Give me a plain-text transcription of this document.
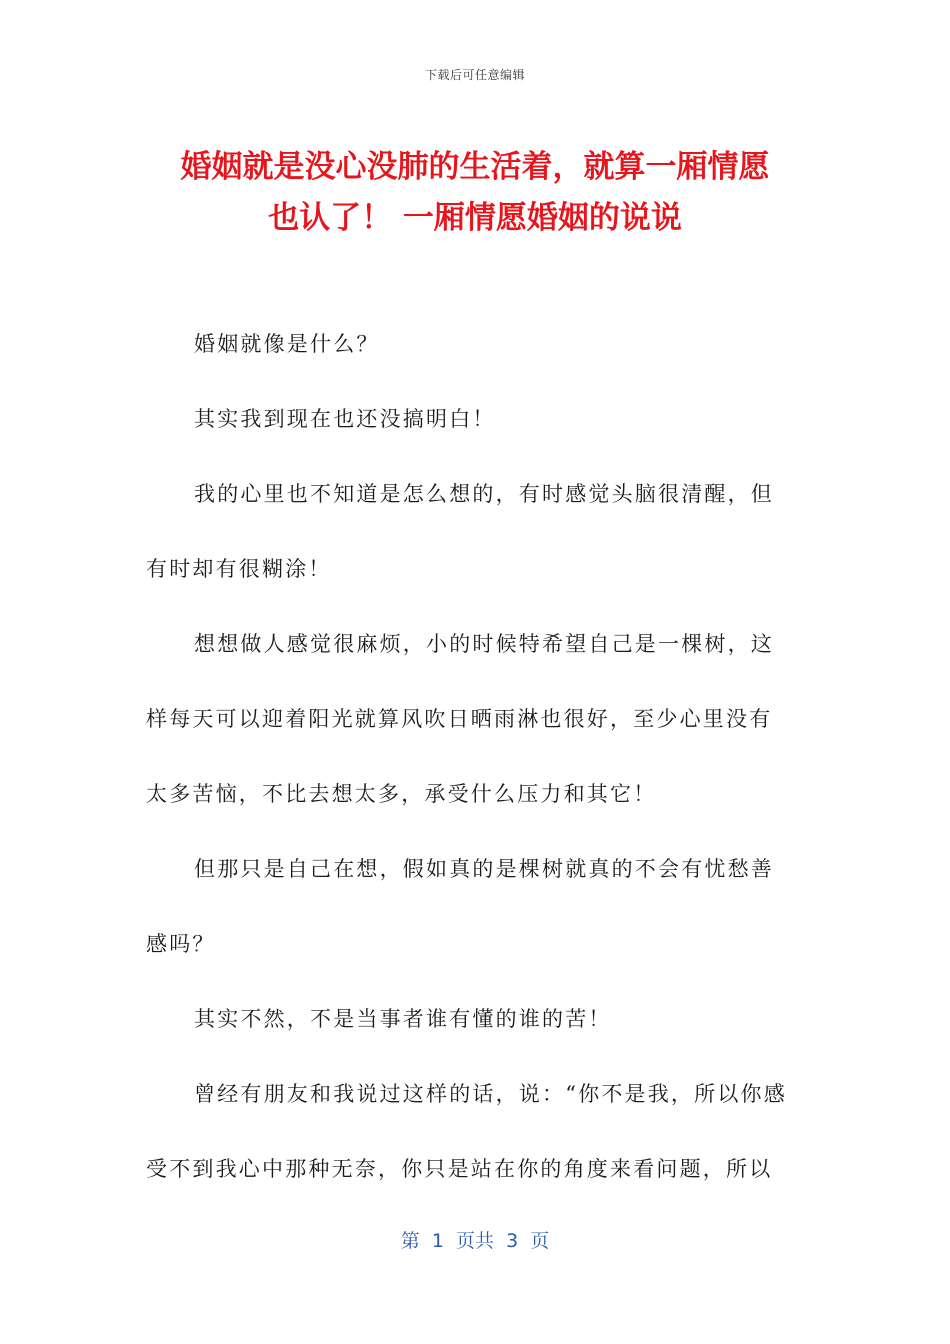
下载后可任意编辑
婚姻就是没心没肺的生活着，就算一厢情愿
也认了！ 一厢情愿婚姻的说说
婚姻就像是什么？
其实我到现在也还没搞明白！
我的心里也不知道是怎么想的，有时感觉头脑很清醒，但
有时却有很糊涂！
想想做人感觉很麻烦，小的时候特希望自己是一棵树，这
样每天可以迎着阳光就算风吹日晒雨淋也很好，至少心里没有
太多苦恼，不比去想太多，承受什么压力和其它！
但那只是自己在想，假如真的是棵树就真的不会有忧愁善
感吗？
其实不然，不是当事者谁有懂的谁的苦！
曾经有朋友和我说过这样的话，说：“你不是我，所以你感
受不到我心中那种无奈，你只是站在你的角度来看问题，所以
第  1  页共  3  页
